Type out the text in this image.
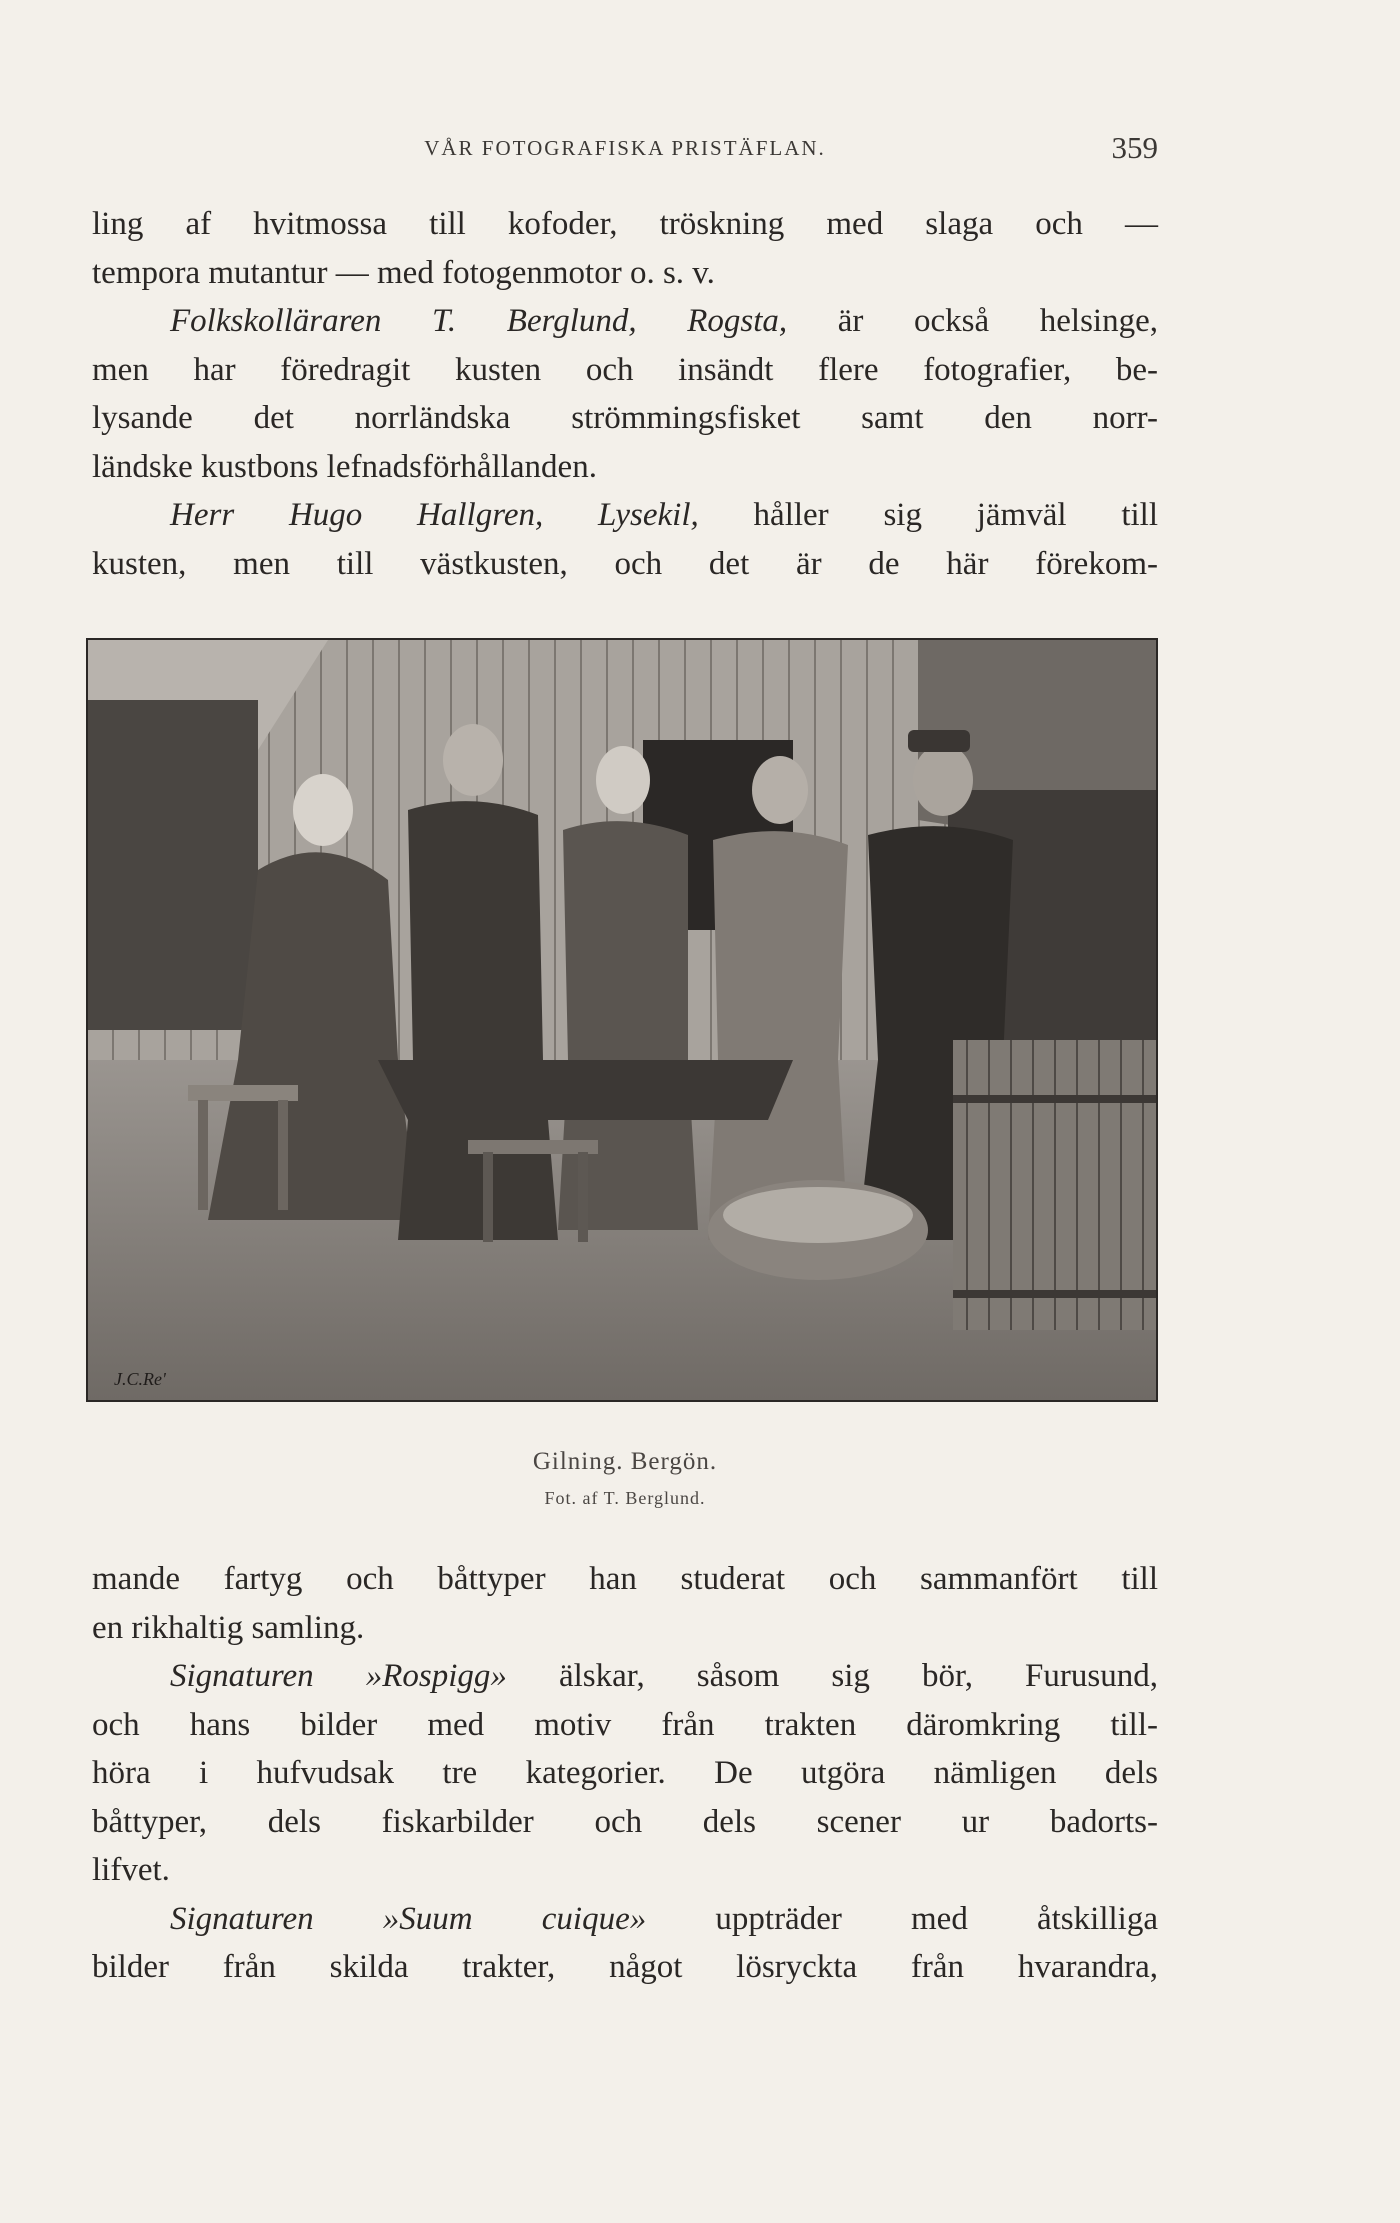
VÅR FOTOGRAFISKA PRISTÄFLAN.	359
ling af hvitmossa till kofoder, tröskning med slaga och —
tempora mutantur — med fotogenmotor o. s. v.
Folkskolläraren T. Berglund, Rogsta, är också helsinge,
men har föredragit kusten och insändt flere fotografier, be-
lysande det norrländska strömmingsfisket samt den norr-
ländske kustbons lefnadsförhållanden.
Herr Hugo Hallgren, Lysekil, håller sig jämväl till
kusten, men till västkusten, och det är de här förekom-
J.C.Re'
Gilning. Bergön.
Fot. af T. Berglund.
mande fartyg och båttyper han studerat och sammanfört till
en rikhaltig samling.
Signaturen »Rospigg» älskar, såsom sig bör, Furusund,
och hans bilder med motiv från trakten däromkring till-
höra i hufvudsak tre kategorier. De utgöra nämligen dels
båttyper, dels fiskarbilder och dels scener ur badorts-
lifvet.
Signaturen »Suum cuique» uppträder med åtskilliga
bilder från skilda trakter, något lösryckta från hvarandra,
